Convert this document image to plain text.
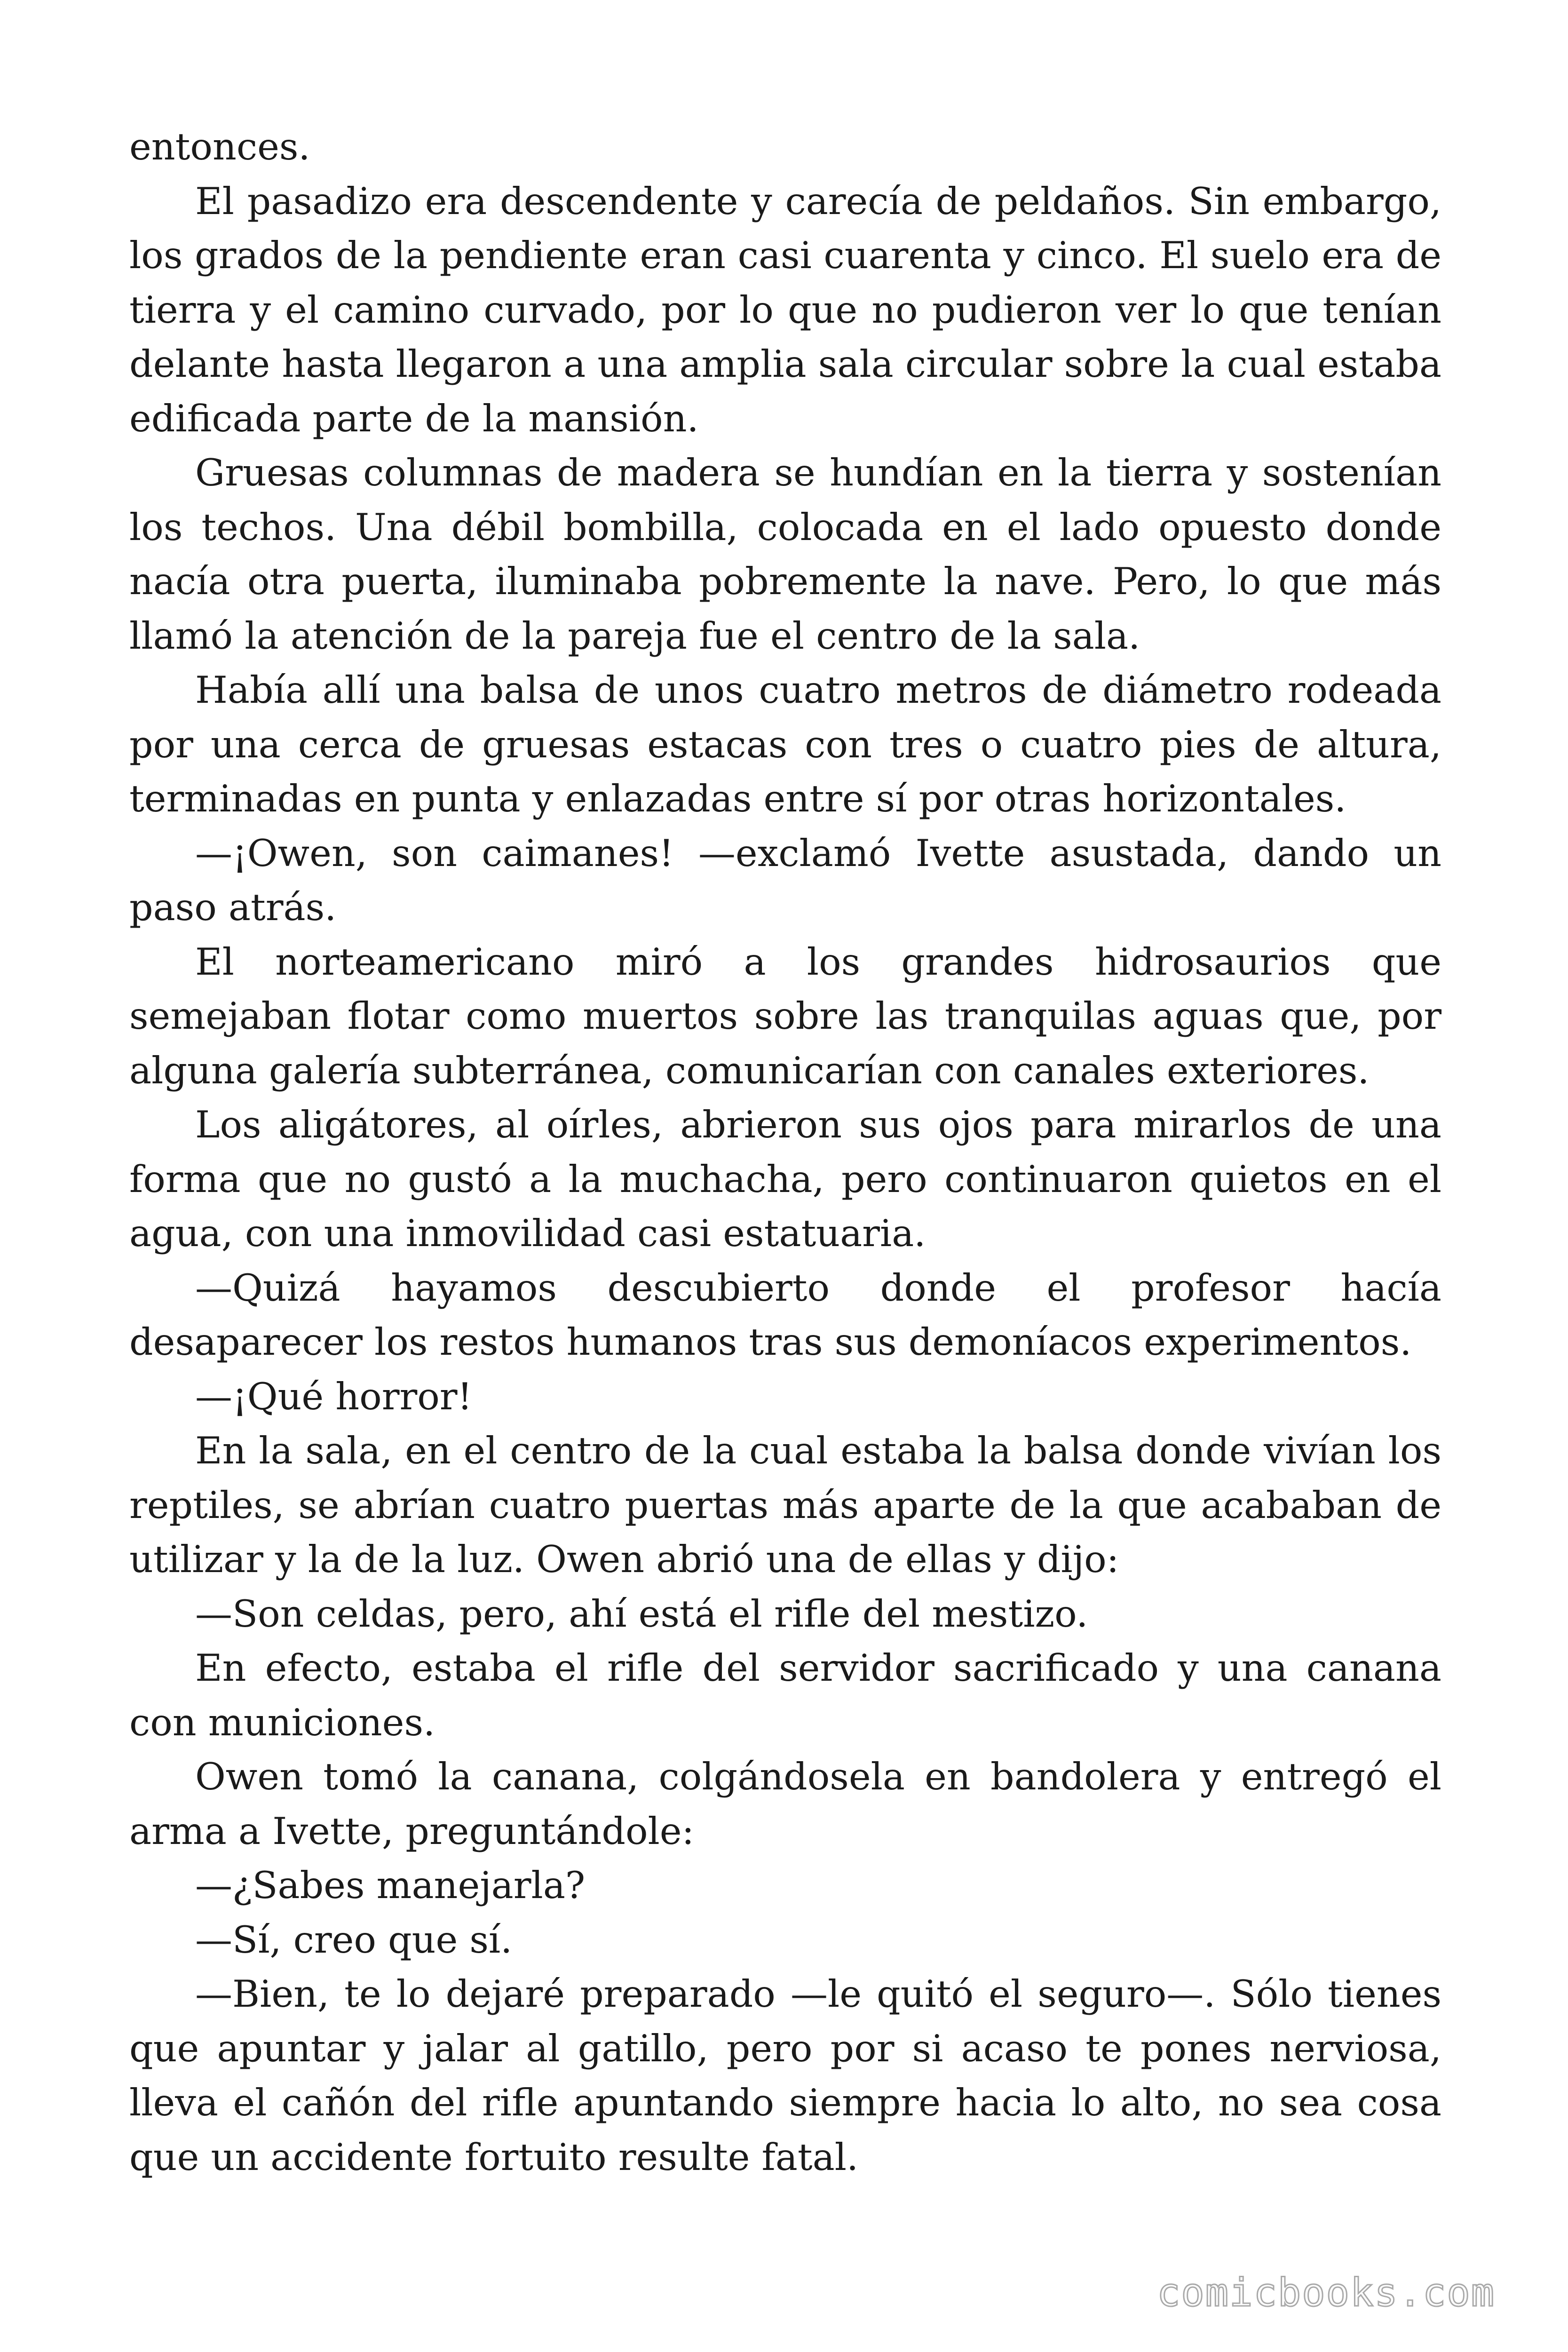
entonces.

El pasadizo era descendente y carecía de peldaños. Sin embargo, los grados de la pendiente eran casi cuarenta y cinco. El suelo era de tierra y el camino curvado, por lo que no pudieron ver lo que tenían delante hasta llegaron a una amplia sala circular sobre la cual estaba edificada parte de la mansión.

Gruesas columnas de madera se hundían en la tierra y sostenían los techos. Una débil bombilla, colocada en el lado opuesto donde nacía otra puerta, iluminaba pobremente la nave. Pero, lo que más llamó la atención de la pareja fue el centro de la sala.

Había allí una balsa de unos cuatro metros de diámetro rodeada por una cerca de gruesas estacas con tres o cuatro pies de altura, terminadas en punta y enlazadas entre sí por otras horizontales.

—¡Owen, son caimanes! —exclamó Ivette asustada, dando un paso atrás.

El norteamericano miró a los grandes hidrosaurios que semejaban flotar como muertos sobre las tranquilas aguas que, por alguna galería subterránea, comunicarían con canales exteriores.

Los aligátores, al oírles, abrieron sus ojos para mirarlos de una forma que no gustó a la muchacha, pero continuaron quietos en el agua, con una inmovilidad casi estatuaria.

—Quizá hayamos descubierto donde el profesor hacía desaparecer los restos humanos tras sus demoníacos experimentos.

—¡Qué horror!

En la sala, en el centro de la cual estaba la balsa donde vivían los reptiles, se abrían cuatro puertas más aparte de la que acababan de utilizar y la de la luz. Owen abrió una de ellas y dijo:

—Son celdas, pero, ahí está el rifle del mestizo.

En efecto, estaba el rifle del servidor sacrificado y una canana con municiones.

Owen tomó la canana, colgándosela en bandolera y entregó el arma a Ivette, preguntándole:

—¿Sabes manejarla?

—Sí, creo que sí.

—Bien, te lo dejaré preparado —le quitó el seguro—. Sólo tienes que apuntar y jalar al gatillo, pero por si acaso te pones nerviosa, lleva el cañón del rifle apuntando siempre hacia lo alto, no sea cosa que un accidente fortuito resulte fatal.

comicbooks.com
